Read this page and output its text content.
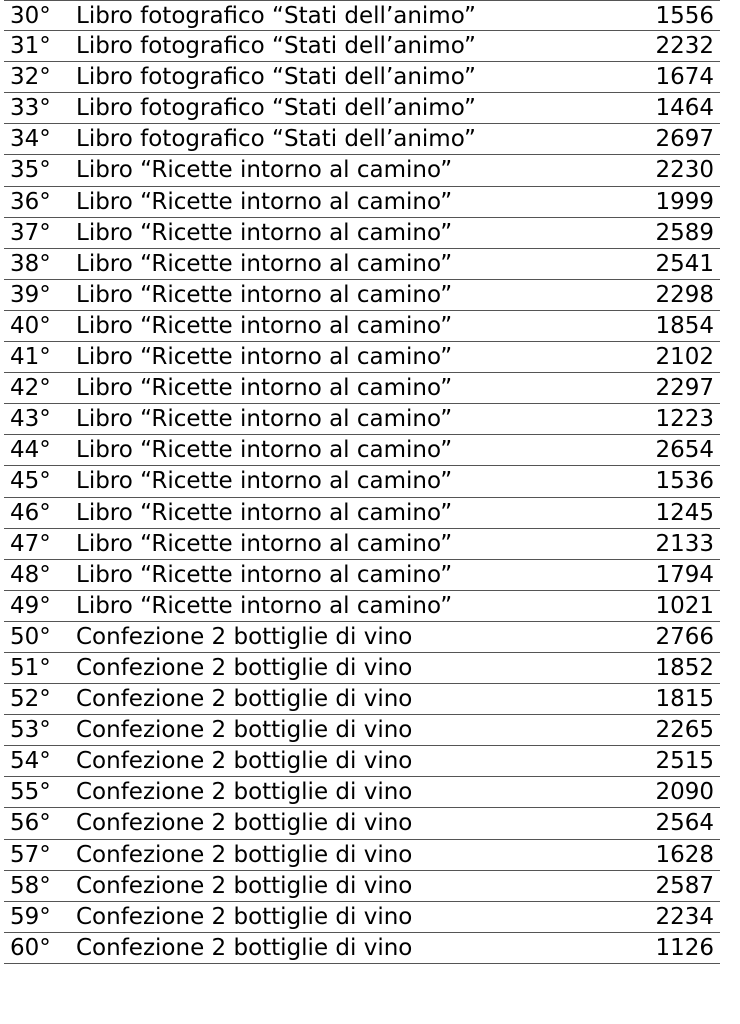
30° Libro fotografico “Stati dell’animo”	1556
31° Libro fotografico “Stati dell’animo”	2232
32° Libro fotografico “Stati dell’animo”	1674
33° Libro fotografico “Stati dell’animo”	1464
34° Libro fotografico “Stati dell’animo”	2697
35° Libro “Ricette intorno al camino”	2230
36° Libro “Ricette intorno al camino”	1999
37° Libro “Ricette intorno al camino”	2589
38° Libro “Ricette intorno al camino”	2541
39° Libro “Ricette intorno al camino”	2298
40° Libro “Ricette intorno al camino”	1854
41° Libro “Ricette intorno al camino”	2102
42° Libro “Ricette intorno al camino”	2297
43° Libro “Ricette intorno al camino”	1223
44° Libro “Ricette intorno al camino”	2654
45° Libro “Ricette intorno al camino”	1536
46° Libro “Ricette intorno al camino”	1245
47° Libro “Ricette intorno al camino”	2133
48° Libro “Ricette intorno al camino”	1794
49° Libro “Ricette intorno al camino”	1021
50° Confezione 2 bottiglie di vino	2766
51° Confezione 2 bottiglie di vino	1852
52° Confezione 2 bottiglie di vino	1815
53° Confezione 2 bottiglie di vino	2265
54° Confezione 2 bottiglie di vino	2515
55° Confezione 2 bottiglie di vino	2090
56° Confezione 2 bottiglie di vino	2564
57° Confezione 2 bottiglie di vino	1628
58° Confezione 2 bottiglie di vino	2587
59° Confezione 2 bottiglie di vino	2234
60° Confezione 2 bottiglie di vino	1126
